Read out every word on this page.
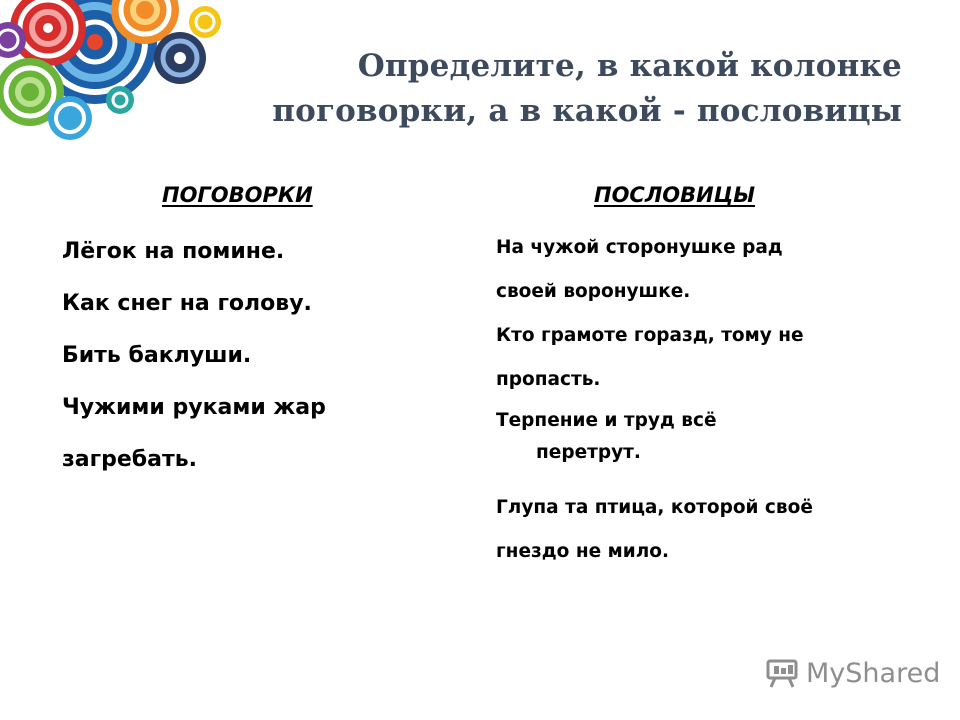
Определите, в какой колонке
поговорки, а в какой - пословицы
ПОГОВОРКИ	ПОСЛОВИЦЫ
Лёгок на помине.
Как снег на голову.
Бить баклуши.
Чужими руками жар
загребать.
На чужой сторонушке рад
своей воронушке.
Кто грамоте горазд, тому не
пропасть.
Терпение и труд всё
перетрут.
Глупа та птица, которой своё
гнездо не мило.
MyShared
